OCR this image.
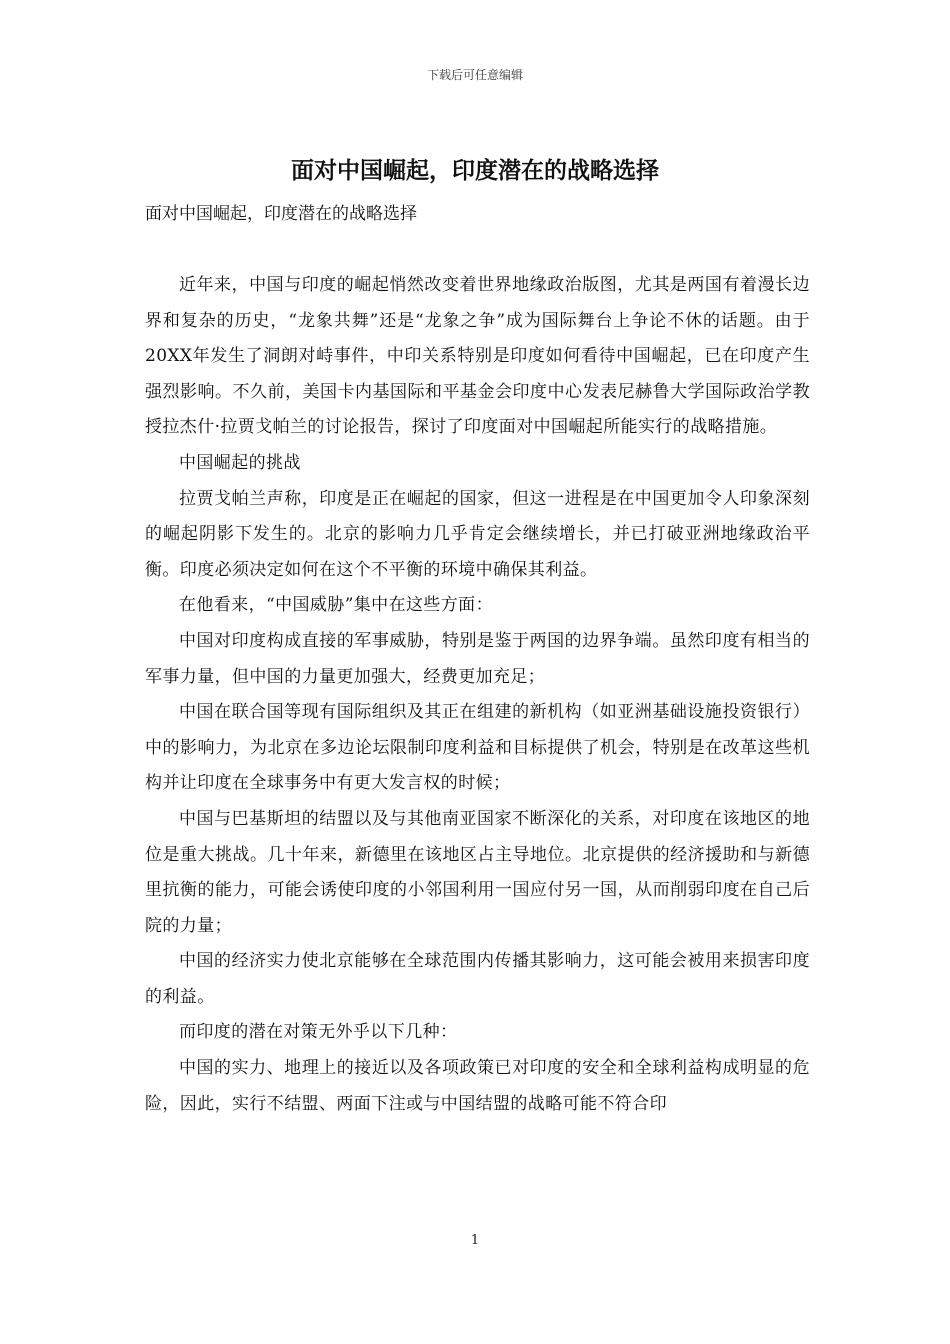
下载后可任意编辑
面对中国崛起，印度潜在的战略选择

面对中国崛起，印度潜在的战略选择

近年来，中国与印度的崛起悄然改变着世界地缘政治版图，尤其是两国有着漫长边界和复杂的历史，“龙象共舞”还是“龙象之争”成为国际舞台上争论不休的话题。由于20XX年发生了洞朗对峙事件，中印关系特别是印度如何看待中国崛起，已在印度产生强烈影响。不久前，美国卡内基国际和平基金会印度中心发表尼赫鲁大学国际政治学教授拉杰什·拉贾戈帕兰的讨论报告，探讨了印度面对中国崛起所能实行的战略措施。

中国崛起的挑战

拉贾戈帕兰声称，印度是正在崛起的国家，但这一进程是在中国更加令人印象深刻的崛起阴影下发生的。北京的影响力几乎肯定会继续增长，并已打破亚洲地缘政治平衡。印度必须决定如何在这个不平衡的环境中确保其利益。

在他看来，“中国威胁”集中在这些方面：

中国对印度构成直接的军事威胁，特别是鉴于两国的边界争端。虽然印度有相当的军事力量，但中国的力量更加强大，经费更加充足；

中国在联合国等现有国际组织及其正在组建的新机构（如亚洲基础设施投资银行）中的影响力，为北京在多边论坛限制印度利益和目标提供了机会，特别是在改革这些机构并让印度在全球事务中有更大发言权的时候；

中国与巴基斯坦的结盟以及与其他南亚国家不断深化的关系，对印度在该地区的地位是重大挑战。几十年来，新德里在该地区占主导地位。北京提供的经济援助和与新德里抗衡的能力，可能会诱使印度的小邻国利用一国应付另一国，从而削弱印度在自己后院的力量；

中国的经济实力使北京能够在全球范围内传播其影响力，这可能会被用来损害印度的利益。

而印度的潜在对策无外乎以下几种：

中国的实力、地理上的接近以及各项政策已对印度的安全和全球利益构成明显的危险，因此，实行不结盟、两面下注或与中国结盟的战略可能不符合印

1
